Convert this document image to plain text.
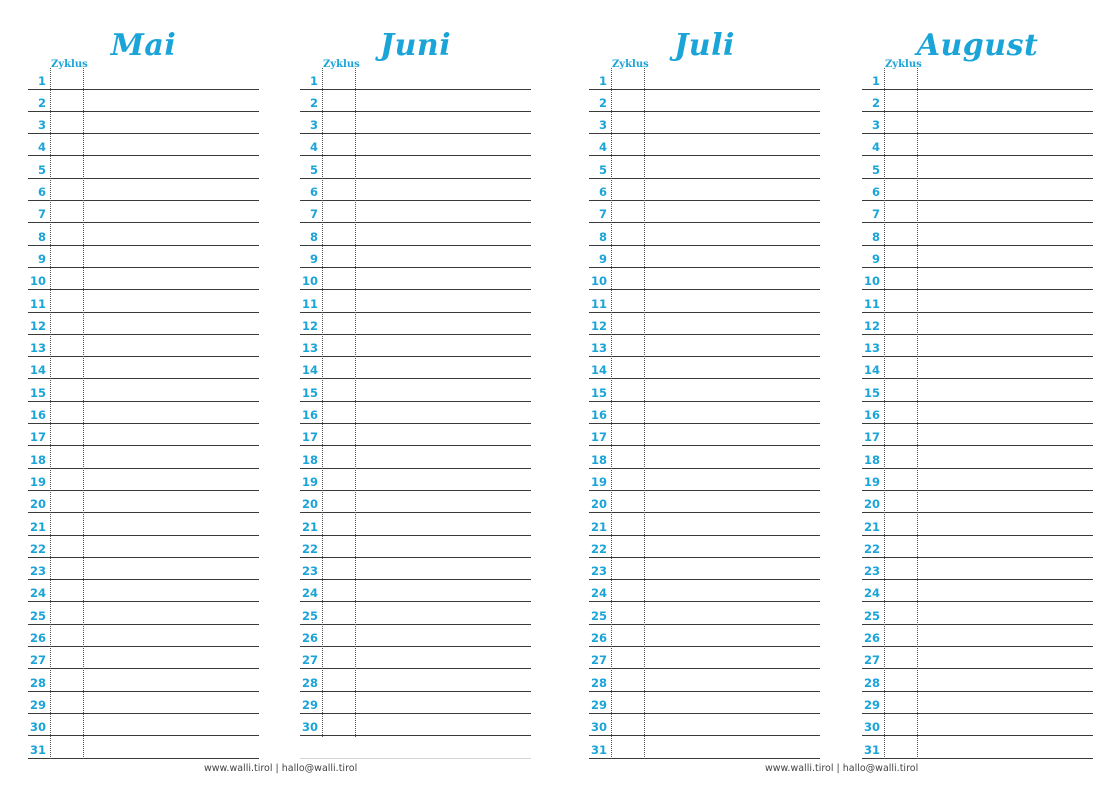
Mai
Zyklus
1
2
3
4
5
6
7
8
9
10
11
12
13
14
15
16
17
18
19
20
21
22
23
24
25
26
27
28
29
30
31
Juni
Zyklus
1
2
3
4
5
6
7
8
9
10
11
12
13
14
15
16
17
18
19
20
21
22
23
24
25
26
27
28
29
30
Juli
Zyklus
1
2
3
4
5
6
7
8
9
10
11
12
13
14
15
16
17
18
19
20
21
22
23
24
25
26
27
28
29
30
31
August
Zyklus
1
2
3
4
5
6
7
8
9
10
11
12
13
14
15
16
17
18
19
20
21
22
23
24
25
26
27
28
29
30
31
www.walli.tirol | hallo@walli.tirol	www.walli.tirol | hallo@walli.tirol
